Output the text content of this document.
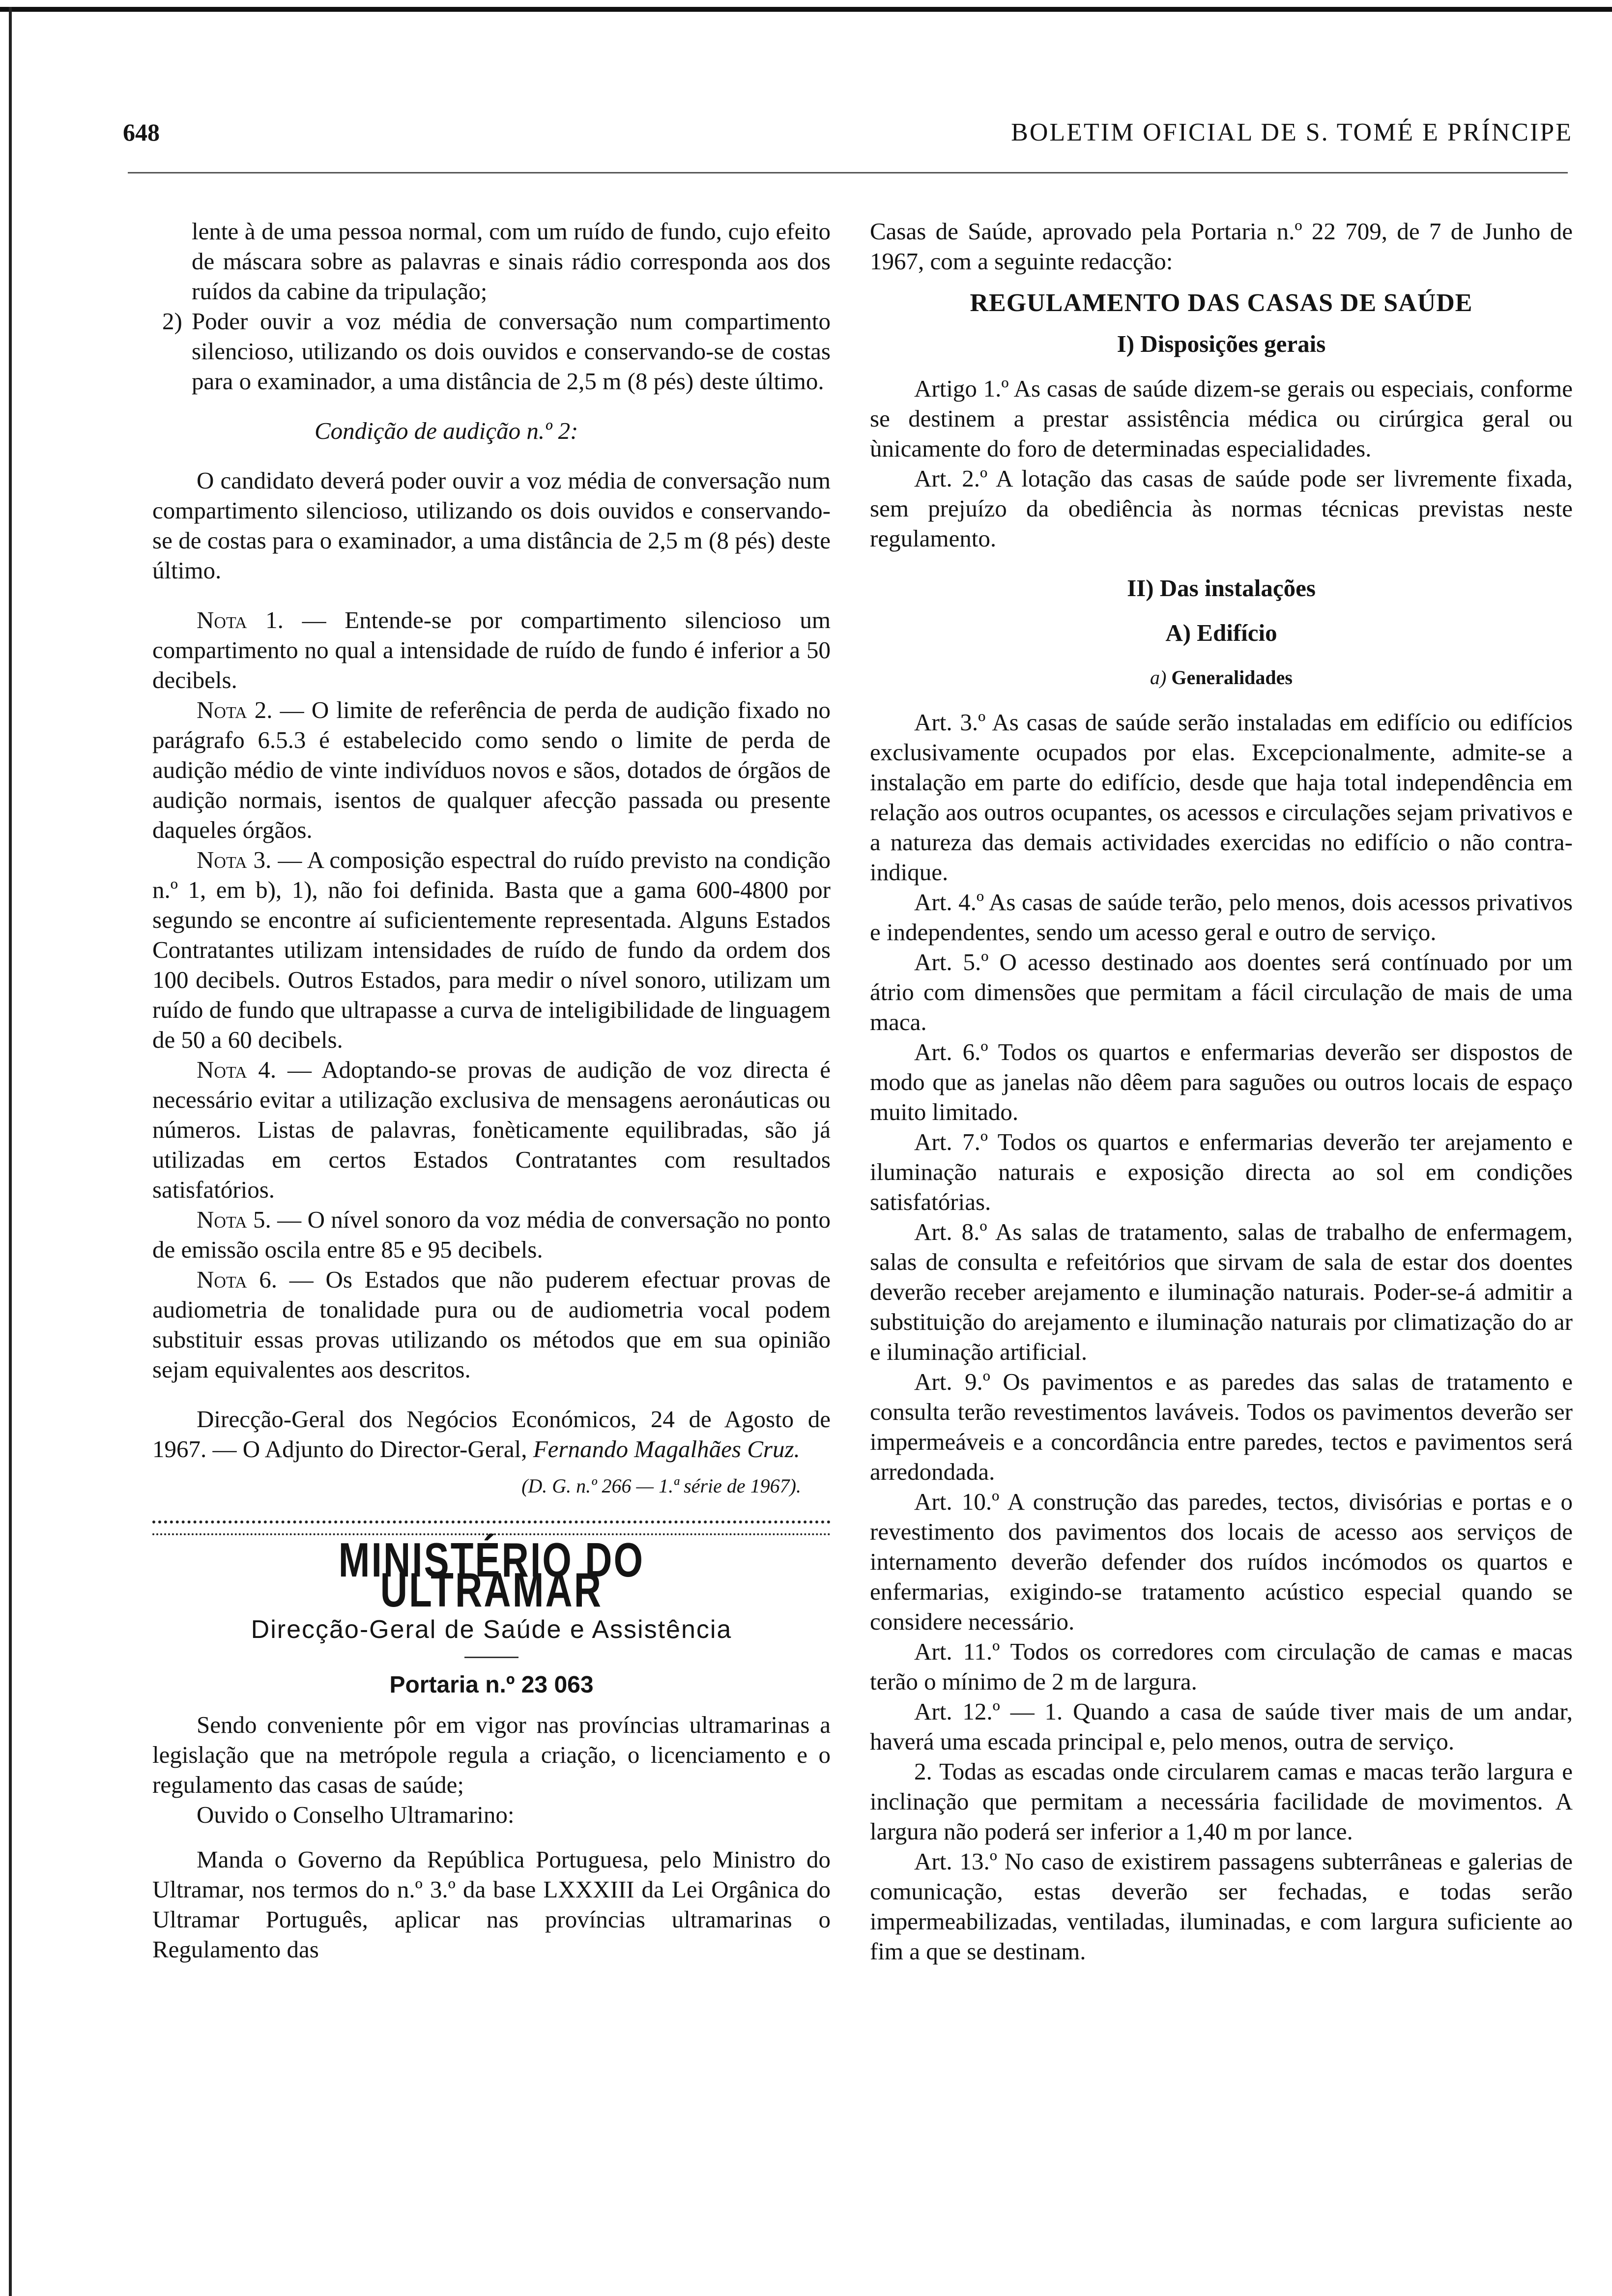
648	BOLETIM OFICIAL DE S. TOMÉ E PRÍNCIPE

lente à de uma pessoa normal, com um ruído de fundo, cujo efeito de máscara sobre as palavras e sinais rádio corresponda aos dos ruídos da cabine da tripulação;

2) Poder ouvir a voz média de conversação num compartimento silencioso, utilizando os dois ouvidos e conservando-se de costas para o examinador, a uma distância de 2,5 m (8 pés) deste último.

Condição de audição n.º 2:

O candidato deverá poder ouvir a voz média de conversação num compartimento silencioso, utilizando os dois ouvidos e conservando-se de costas para o examinador, a uma distância de 2,5 m (8 pés) deste último.

Nota 1. — Entende-se por compartimento silencioso um compartimento no qual a intensidade de ruído de fundo é inferior a 50 decibels.

Nota 2. — O limite de referência de perda de audição fixado no parágrafo 6.5.3 é estabelecido como sendo o limite de perda de audição médio de vinte indivíduos novos e sãos, dotados de órgãos de audição normais, isentos de qualquer afecção passada ou presente daqueles órgãos.

Nota 3. — A composição espectral do ruído previsto na condição n.º 1, em b), 1), não foi definida. Basta que a gama 600-4800 por segundo se encontre aí suficientemente representada. Alguns Estados Contratantes utilizam intensidades de ruído de fundo da ordem dos 100 decibels. Outros Estados, para medir o nível sonoro, utilizam um ruído de fundo que ultrapasse a curva de inteligibilidade de linguagem de 50 a 60 decibels.

Nota 4. — Adoptando-se provas de audição de voz directa é necessário evitar a utilização exclusiva de mensagens aeronáuticas ou números. Listas de palavras, fonèticamente equilibradas, são já utilizadas em certos Estados Contratantes com resultados satisfatórios.

Nota 5. — O nível sonoro da voz média de conversação no ponto de emissão oscila entre 85 e 95 decibels.

Nota 6. — Os Estados que não puderem efectuar provas de audiometria de tonalidade pura ou de audiometria vocal podem substituir essas provas utilizando os métodos que em sua opinião sejam equivalentes aos descritos.

Direcção-Geral dos Negócios Económicos, 24 de Agosto de 1967. — O Adjunto do Director-Geral, Fernando Magalhães Cruz.

(D. G. n.º 266 — 1.ª série de 1967).

MINISTÉRIO DO ULTRAMAR
Direcção-Geral de Saúde e Assistência
Portaria n.º 23 063

Sendo conveniente pôr em vigor nas províncias ultramarinas a legislação que na metrópole regula a criação, o licenciamento e o regulamento das casas de saúde;

Ouvido o Conselho Ultramarino:

Manda o Governo da República Portuguesa, pelo Ministro do Ultramar, nos termos do n.º 3.º da base LXXXIII da Lei Orgânica do Ultramar Português, aplicar nas províncias ultramarinas o Regulamento das

Casas de Saúde, aprovado pela Portaria n.º 22 709, de 7 de Junho de 1967, com a seguinte redacção:

REGULAMENTO DAS CASAS DE SAÚDE
I) Disposições gerais

Artigo 1.º As casas de saúde dizem-se gerais ou especiais, conforme se destinem a prestar assistência médica ou cirúrgica geral ou ùnicamente do foro de determinadas especialidades.

Art. 2.º A lotação das casas de saúde pode ser livremente fixada, sem prejuízo da obediência às normas técnicas previstas neste regulamento.

II) Das instalações
A) Edifício
a) Generalidades

Art. 3.º As casas de saúde serão instaladas em edifício ou edifícios exclusivamente ocupados por elas. Excepcionalmente, admite-se a instalação em parte do edifício, desde que haja total independência em relação aos outros ocupantes, os acessos e circulações sejam privativos e a natureza das demais actividades exercidas no edifício o não contra-indique.

Art. 4.º As casas de saúde terão, pelo menos, dois acessos privativos e independentes, sendo um acesso geral e outro de serviço.

Art. 5.º O acesso destinado aos doentes será contínuado por um átrio com dimensões que permitam a fácil circulação de mais de uma maca.

Art. 6.º Todos os quartos e enfermarias deverão ser dispostos de modo que as janelas não dêem para saguões ou outros locais de espaço muito limitado.

Art. 7.º Todos os quartos e enfermarias deverão ter arejamento e iluminação naturais e exposição directa ao sol em condições satisfatórias.

Art. 8.º As salas de tratamento, salas de trabalho de enfermagem, salas de consulta e refeitórios que sirvam de sala de estar dos doentes deverão receber arejamento e iluminação naturais. Poder-se-á admitir a substituição do arejamento e iluminação naturais por climatização do ar e iluminação artificial.

Art. 9.º Os pavimentos e as paredes das salas de tratamento e consulta terão revestimentos laváveis. Todos os pavimentos deverão ser impermeáveis e a concordância entre paredes, tectos e pavimentos será arredondada.

Art. 10.º A construção das paredes, tectos, divisórias e portas e o revestimento dos pavimentos dos locais de acesso aos serviços de internamento deverão defender dos ruídos incómodos os quartos e enfermarias, exigindo-se tratamento acústico especial quando se considere necessário.

Art. 11.º Todos os corredores com circulação de camas e macas terão o mínimo de 2 m de largura.

Art. 12.º — 1. Quando a casa de saúde tiver mais de um andar, haverá uma escada principal e, pelo menos, outra de serviço.

2. Todas as escadas onde circularem camas e macas terão largura e inclinação que permitam a necessária facilidade de movimentos. A largura não poderá ser inferior a 1,40 m por lance.

Art. 13.º No caso de existirem passagens subterrâneas e galerias de comunicação, estas deverão ser fechadas, e todas serão impermeabilizadas, ventiladas, iluminadas, e com largura suficiente ao fim a que se destinam.
